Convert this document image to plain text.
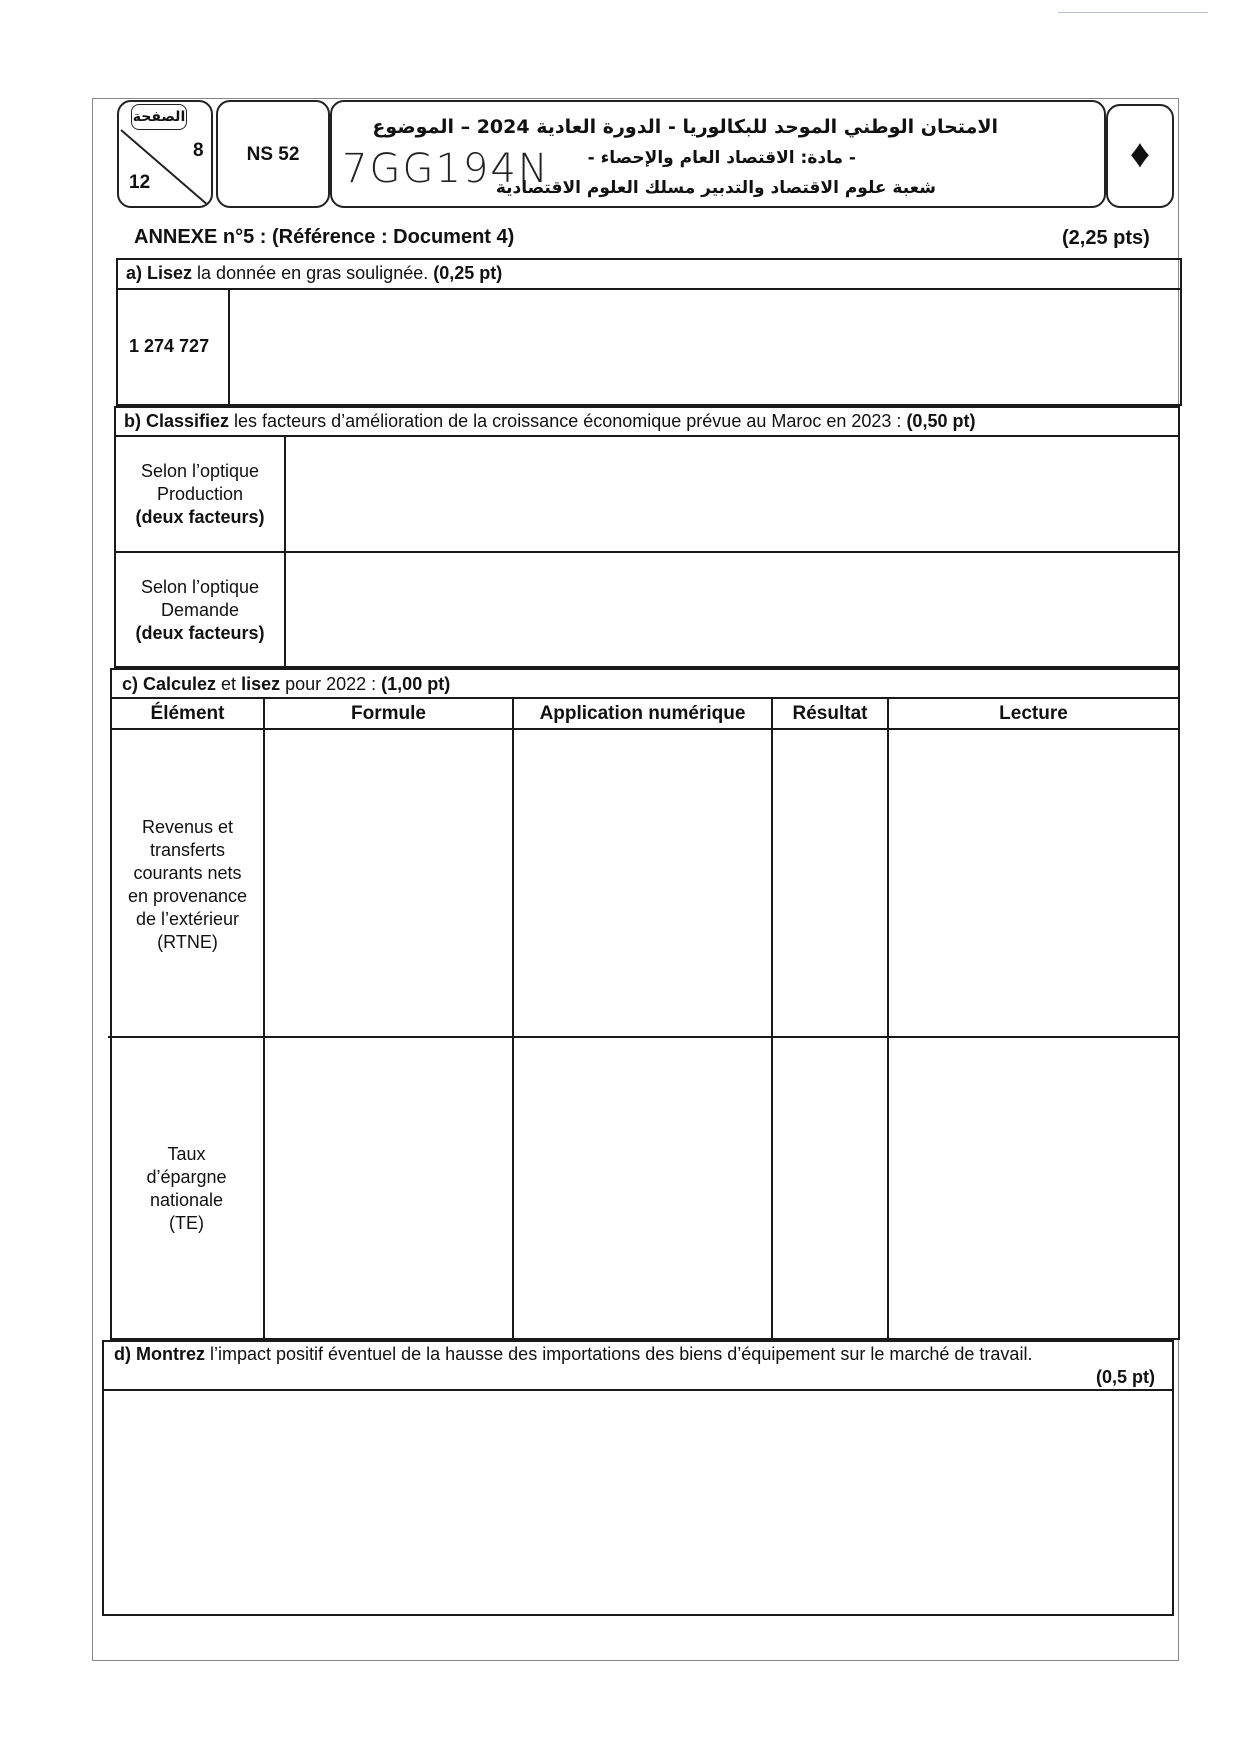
الصفحة
8
12
NS 52
الامتحان الوطني الموحد للبكالوريا - الدورة العادية 2024 – الموضوع
- مادة: الاقتصاد العام والإحصاء -
شعبة علوم الاقتصاد والتدبير مسلك العلوم الاقتصادية
7GG194N	♦
ANNEXE n°5 : (Référence : Document 4)	(2,25 pts)
a) Lisez la donnée en gras soulignée. (0,25 pt)
1 274 727
b) Classifiez les facteurs d’amélioration de la croissance économique prévue au Maroc en 2023 : (0,50 pt)
Selon l’optique
Production
(deux facteurs)
Selon l’optique
Demande
(deux facteurs)
c) Calculez et lisez pour 2022 : (1,00 pt)
Élément	Formule	Application numérique	Résultat	Lecture
Revenus et
transferts
courants nets
en provenance
de l’extérieur
(RTNE)
Taux
d’épargne
nationale
(TE)
d) Montrez l’impact positif éventuel de la hausse des importations des biens d’équipement sur le marché de travail.
(0,5 pt)
